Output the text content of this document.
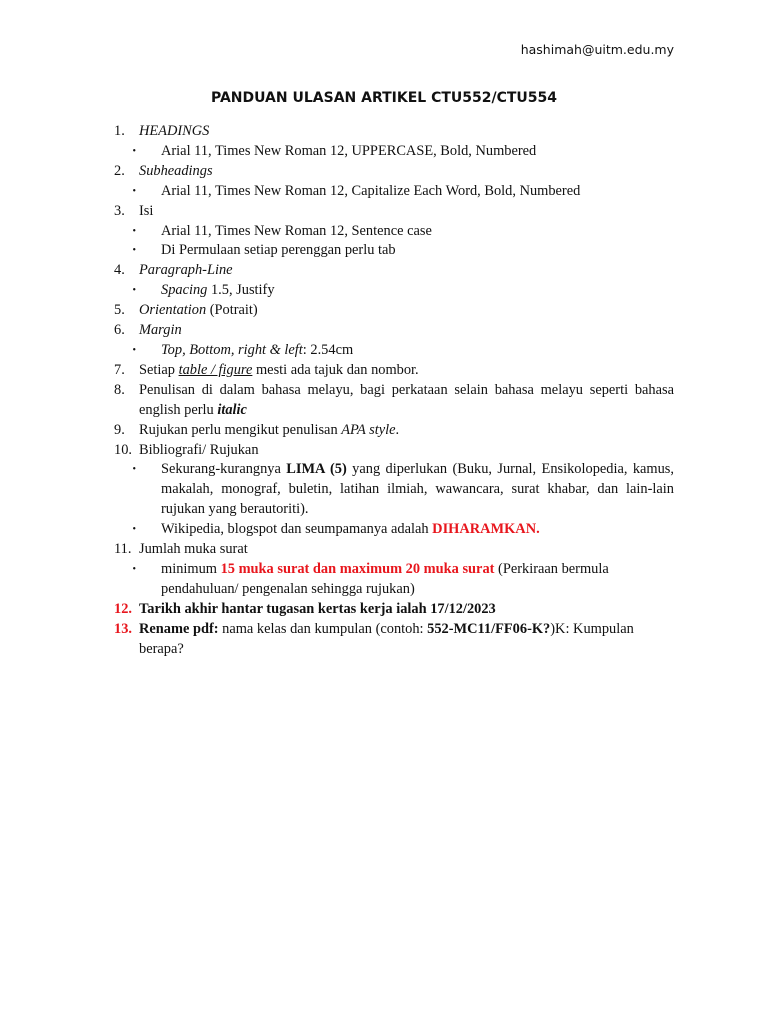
hashimah@uitm.edu.my
PANDUAN ULASAN ARTIKEL CTU552/CTU554
1. HEADINGS
•	Arial 11, Times New Roman 12, UPPERCASE, Bold, Numbered
2. Subheadings
•	Arial 11, Times New Roman 12, Capitalize Each Word, Bold, Numbered
3. Isi
•	Arial 11, Times New Roman 12, Sentence case
•	Di Permulaan setiap perenggan perlu tab
4. Paragraph-Line
•	Spacing 1.5, Justify
5. Orientation (Potrait)
6. Margin
•	Top, Bottom, right & left: 2.54cm
7. Setiap table / figure mesti ada tajuk dan nombor.
8. Penulisan di dalam bahasa melayu, bagi perkataan selain bahasa melayu seperti bahasa english perlu italic
9. Rujukan perlu mengikut penulisan APA style.
10. Bibliografi/ Rujukan
•	Sekurang-kurangnya LIMA (5) yang diperlukan (Buku, Jurnal, Ensikolopedia, kamus, makalah, monograf, buletin, latihan ilmiah, wawancara, surat khabar, dan lain-lain rujukan yang berautoriti).
•	Wikipedia, blogspot dan seumpamanya adalah DIHARAMKAN.
11. Jumlah muka surat
•	minimum 15 muka surat dan maximum 20 muka surat (Perkiraan bermula pendahuluan/ pengenalan sehingga rujukan)
12. Tarikh akhir hantar tugasan kertas kerja ialah 17/12/2023
13. Rename pdf: nama kelas dan kumpulan (contoh: 552-MC11/FF06-K?)K: Kumpulan berapa?
